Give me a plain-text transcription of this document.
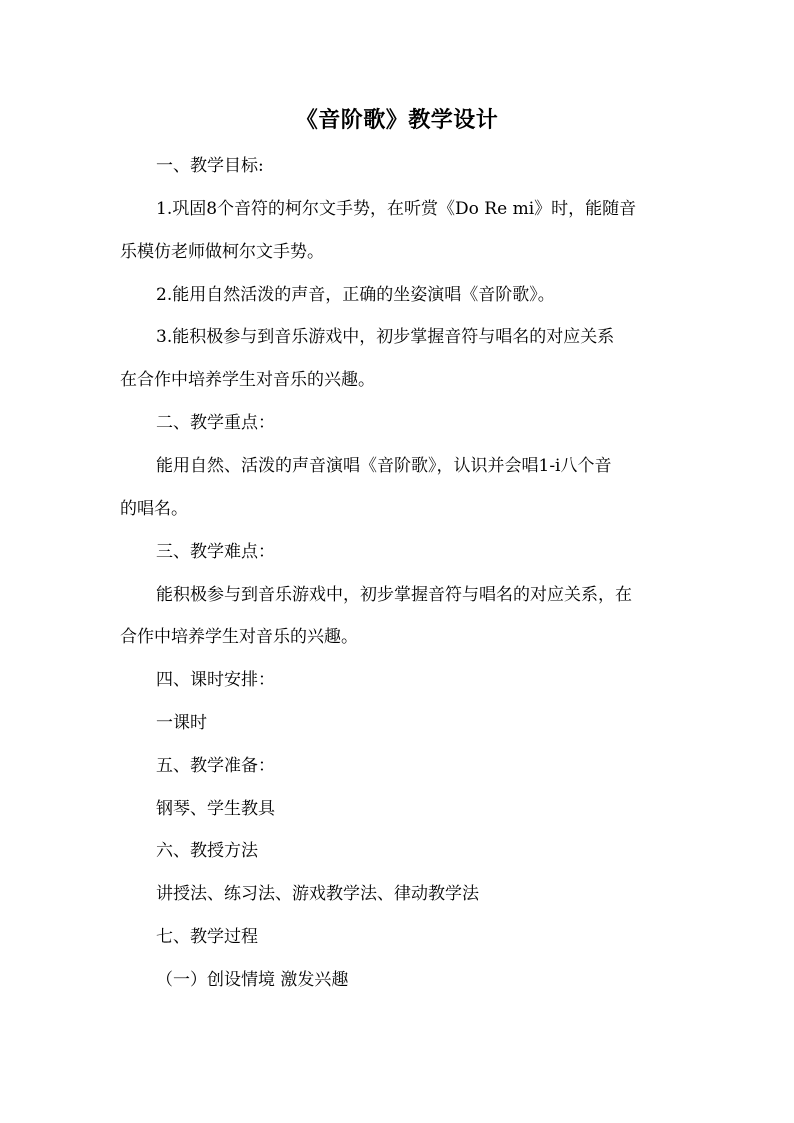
《音阶歌》教学设计
一、教学目标:
1.巩固8个音符的柯尔文手势，在听赏《Do Re mi》时，能随音
乐模仿老师做柯尔文手势。
2.能用自然活泼的声音，正确的坐姿演唱《音阶歌》。
3.能积极参与到音乐游戏中，初步掌握音符与唱名的对应关系
在合作中培养学生对音乐的兴趣。
二、教学重点：
能用自然、活泼的声音演唱《音阶歌》，认识并会唱1-i八个音
的唱名。
三、教学难点：
能积极参与到音乐游戏中，初步掌握音符与唱名的对应关系，在
合作中培养学生对音乐的兴趣。
四、课时安排：
一课时
五、教学准备：
钢琴、学生教具
六、教授方法
讲授法、练习法、游戏教学法、律动教学法
七、教学过程
（一）创设情境 激发兴趣
